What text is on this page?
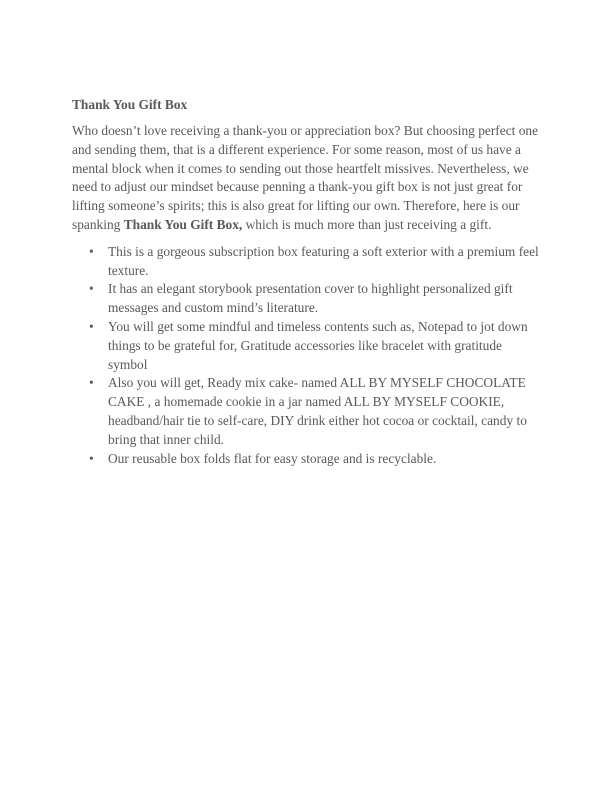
Thank You Gift Box

Who doesn’t love receiving a thank-you or appreciation box? But choosing perfect one and sending them, that is a different experience. For some reason, most of us have a mental block when it comes to sending out those heartfelt missives. Nevertheless, we need to adjust our mindset because penning a thank-you gift box is not just great for lifting someone’s spirits; this is also great for lifting our own. Therefore, here is our spanking Thank You Gift Box, which is much more than just receiving a gift.

• This is a gorgeous subscription box featuring a soft exterior with a premium feel texture.
• It has an elegant storybook presentation cover to highlight personalized gift messages and custom mind’s literature.
• You will get some mindful and timeless contents such as, Notepad to jot down things to be grateful for, Gratitude accessories like bracelet with gratitude symbol
• Also you will get, Ready mix cake- named ALL BY MYSELF CHOCOLATE CAKE , a homemade cookie in a jar named ALL BY MYSELF COOKIE, headband/hair tie to self-care, DIY drink either hot cocoa or cocktail, candy to bring that inner child.
• Our reusable box folds flat for easy storage and is recyclable.
